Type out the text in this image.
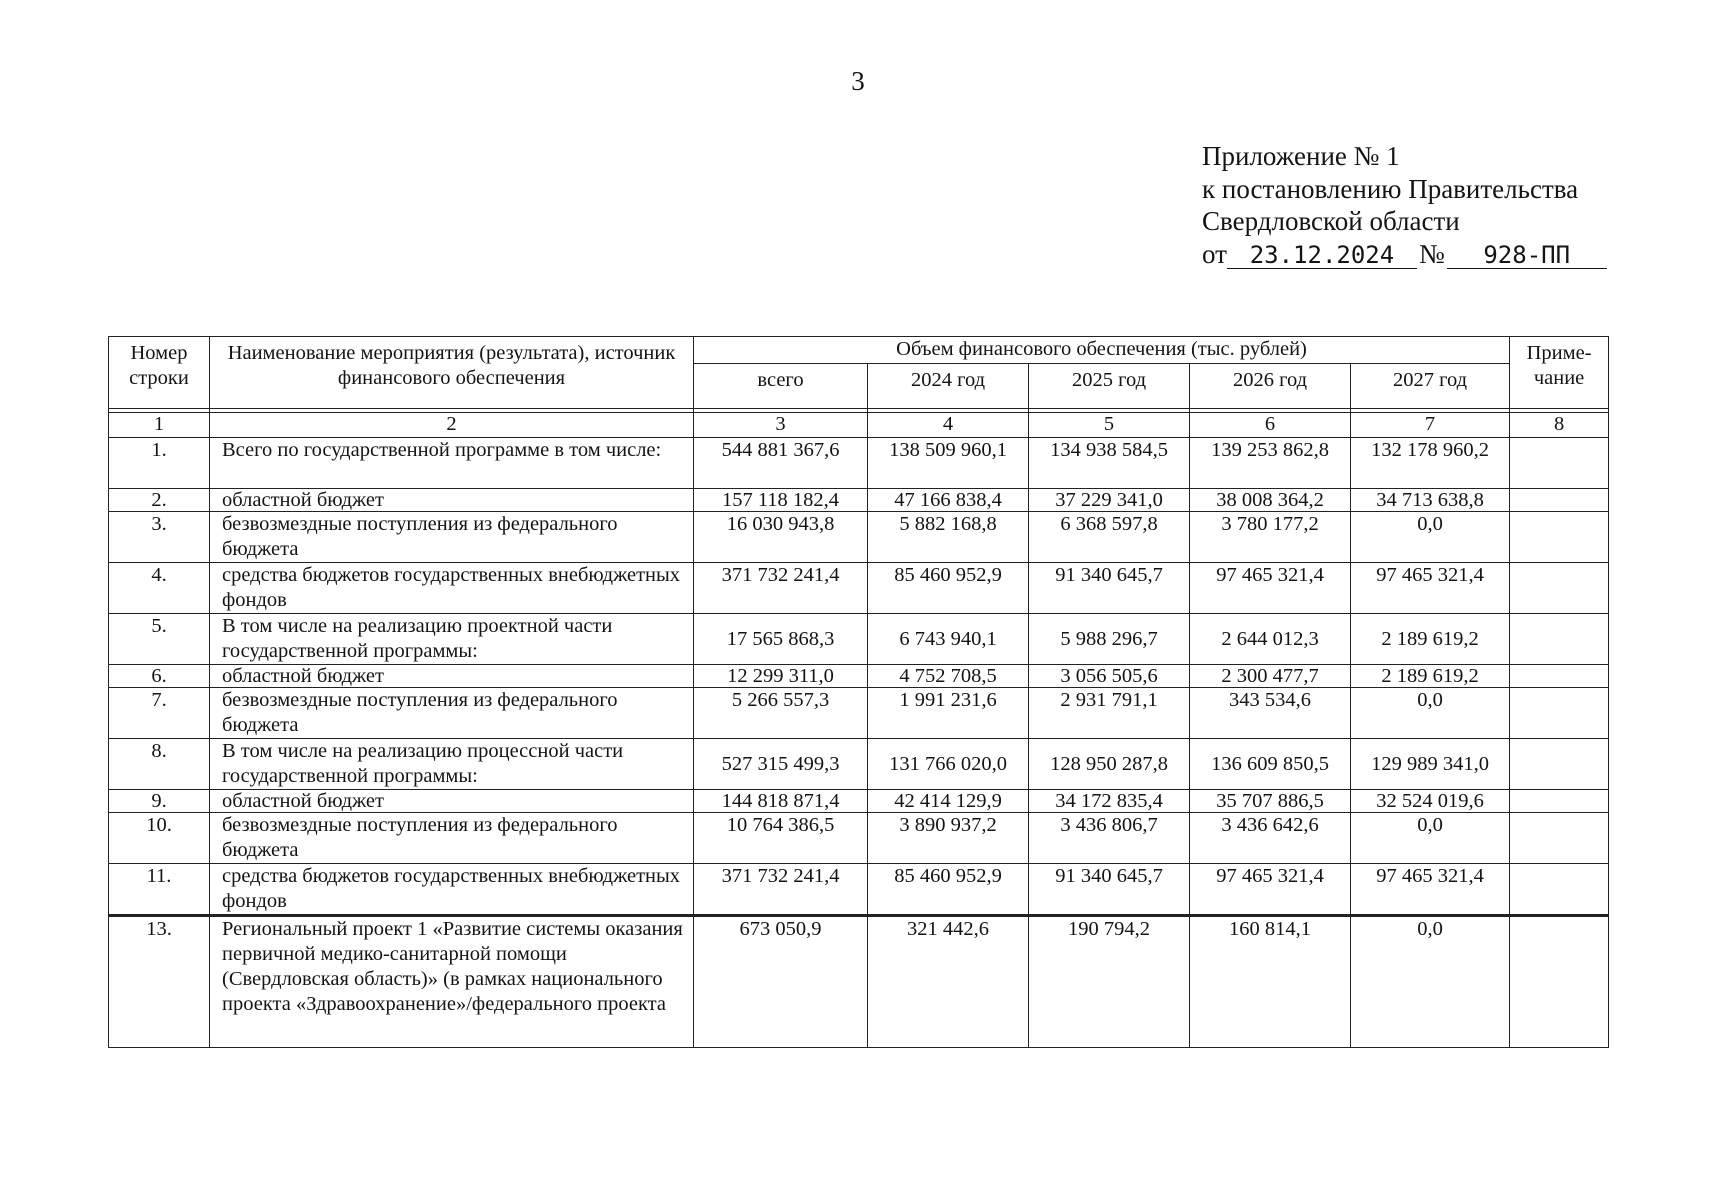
3
Приложение № 1
к постановлению Правительства
Свердловской области
от 23.12.2024 № 928-ПП
Номер строки	Наименование мероприятия (результата), источник финансового обеспечения	Объем финансового обеспечения (тыс. рублей)					Приме-чание

		всего	2024 год	2025 год	2026 год	2027 год	

1	2	3	4	5	6	7	8
1.	Всего по государственной программе в том числе:	544 881 367,6	138 509 960,1	134 938 584,5	139 253 862,8	132 178 960,2	
2.	областной бюджет	157 118 182,4	47 166 838,4	37 229 341,0	38 008 364,2	34 713 638,8	
3.	безвозмездные поступления из федерального бюджета	16 030 943,8	5 882 168,8	6 368 597,8	3 780 177,2	0,0	
4.	средства бюджетов государственных внебюджетных фондов	371 732 241,4	85 460 952,9	91 340 645,7	97 465 321,4	97 465 321,4	
5.	В том числе на реализацию проектной части государственной программы:	17 565 868,3	6 743 940,1	5 988 296,7	2 644 012,3	2 189 619,2	
6.	областной бюджет	12 299 311,0	4 752 708,5	3 056 505,6	2 300 477,7	2 189 619,2	
7.	безвозмездные поступления из федерального бюджета	5 266 557,3	1 991 231,6	2 931 791,1	343 534,6	0,0	
8.	В том числе на реализацию процессной части государственной программы:	527 315 499,3	131 766 020,0	128 950 287,8	136 609 850,5	129 989 341,0	
9.	областной бюджет	144 818 871,4	42 414 129,9	34 172 835,4	35 707 886,5	32 524 019,6	
10.	безвозмездные поступления из федерального бюджета	10 764 386,5	3 890 937,2	3 436 806,7	3 436 642,6	0,0	
11.	средства бюджетов государственных внебюджетных фондов	371 732 241,4	85 460 952,9	91 340 645,7	97 465 321,4	97 465 321,4	
13.	Региональный проект 1 «Развитие системы оказания первичной медико-санитарной помощи (Свердловская область)» (в рамках национального проекта «Здравоохранение»/федерального проекта	673 050,9	321 442,6	190 794,2	160 814,1	0,0	
